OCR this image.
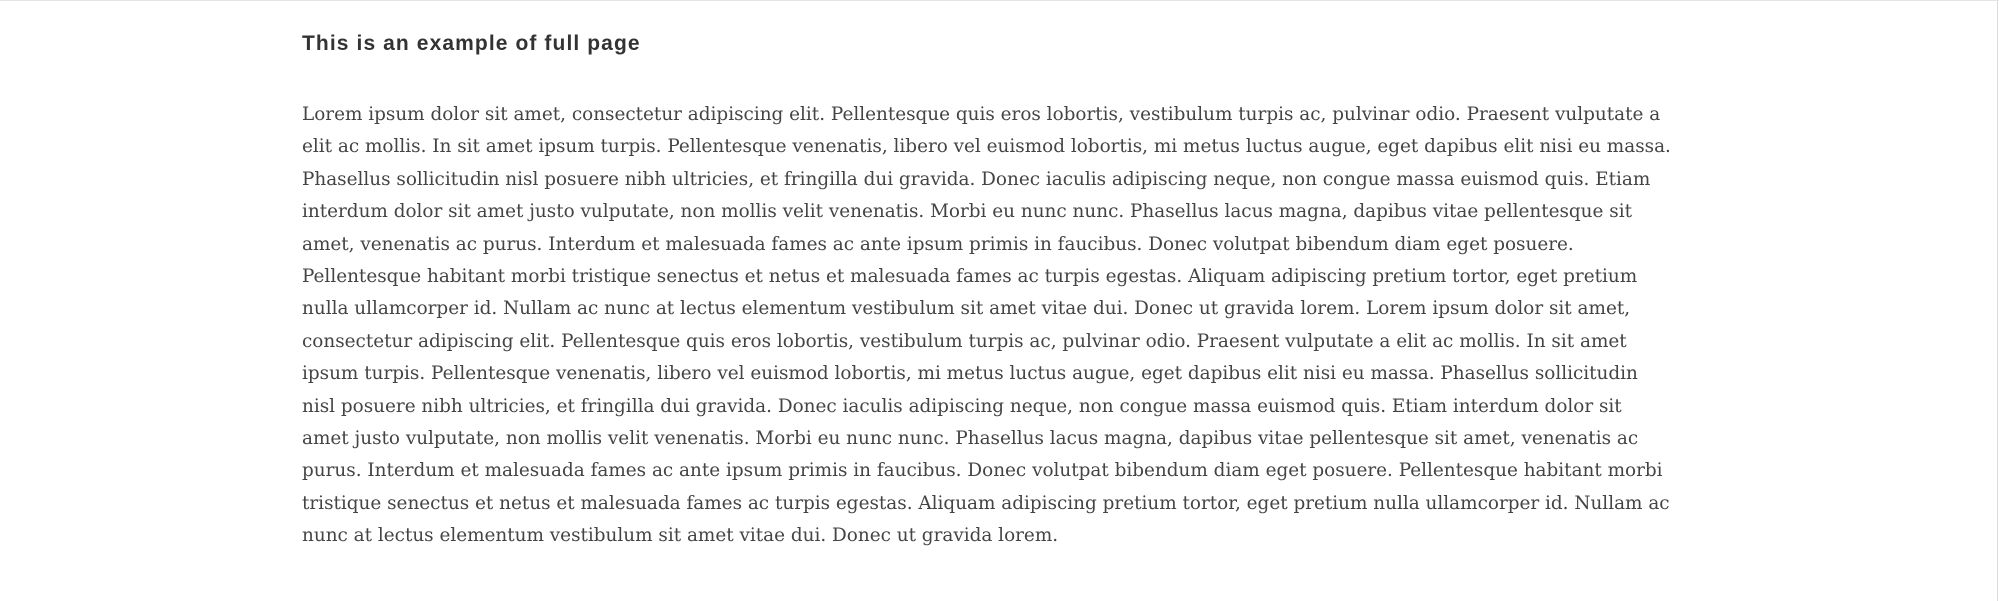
This is an example of full page

Lorem ipsum dolor sit amet, consectetur adipiscing elit. Pellentesque quis eros lobortis, vestibulum turpis ac, pulvinar odio. Praesent vulputate a elit ac mollis. In sit amet ipsum turpis. Pellentesque venenatis, libero vel euismod lobortis, mi metus luctus augue, eget dapibus elit nisi eu massa. Phasellus sollicitudin nisl posuere nibh ultricies, et fringilla dui gravida. Donec iaculis adipiscing neque, non congue massa euismod quis. Etiam interdum dolor sit amet justo vulputate, non mollis velit venenatis. Morbi eu nunc nunc. Phasellus lacus magna, dapibus vitae pellentesque sit amet, venenatis ac purus. Interdum et malesuada fames ac ante ipsum primis in faucibus. Donec volutpat bibendum diam eget posuere. Pellentesque habitant morbi tristique senectus et netus et malesuada fames ac turpis egestas. Aliquam adipiscing pretium tortor, eget pretium nulla ullamcorper id. Nullam ac nunc at lectus elementum vestibulum sit amet vitae dui. Donec ut gravida lorem. Lorem ipsum dolor sit amet, consectetur adipiscing elit. Pellentesque quis eros lobortis, vestibulum turpis ac, pulvinar odio. Praesent vulputate a elit ac mollis. In sit amet ipsum turpis. Pellentesque venenatis, libero vel euismod lobortis, mi metus luctus augue, eget dapibus elit nisi eu massa. Phasellus sollicitudin nisl posuere nibh ultricies, et fringilla dui gravida. Donec iaculis adipiscing neque, non congue massa euismod quis. Etiam interdum dolor sit amet justo vulputate, non mollis velit venenatis. Morbi eu nunc nunc. Phasellus lacus magna, dapibus vitae pellentesque sit amet, venenatis ac purus. Interdum et malesuada fames ac ante ipsum primis in faucibus. Donec volutpat bibendum diam eget posuere. Pellentesque habitant morbi tristique senectus et netus et malesuada fames ac turpis egestas. Aliquam adipiscing pretium tortor, eget pretium nulla ullamcorper id. Nullam ac nunc at lectus elementum vestibulum sit amet vitae dui. Donec ut gravida lorem.
